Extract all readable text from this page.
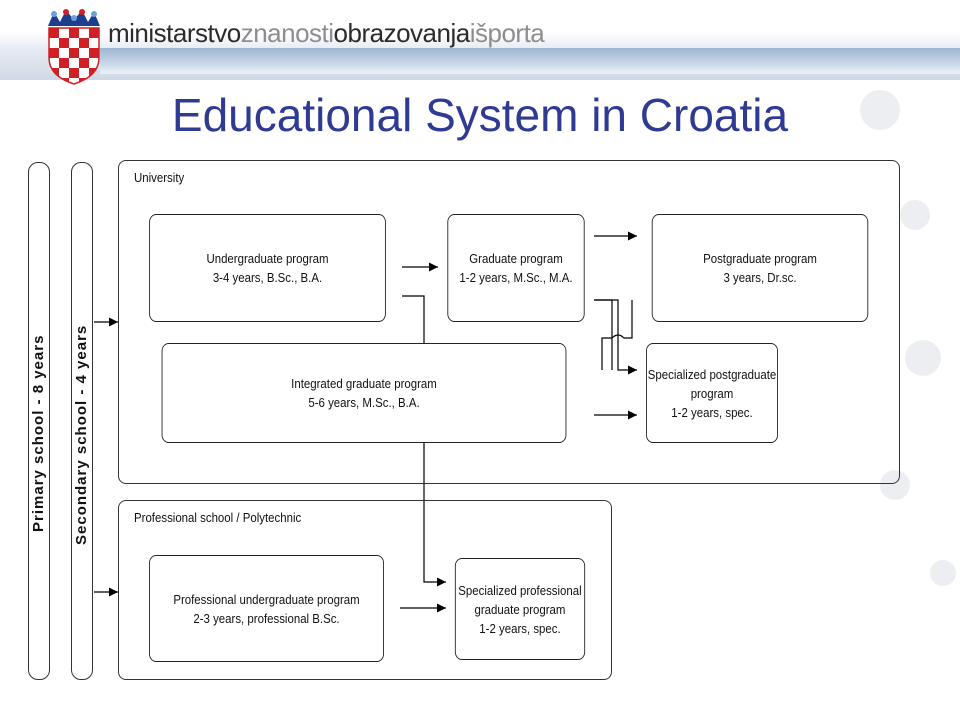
ministarstvoznanostiobrazovanjaišporta
Educational System in Croatia
Primary school - 8 years Secondary school - 4 years
University
Undergraduate program
3-4 years, B.Sc., B.A.
Graduate program
1-2 years, M.Sc., M.A.
Postgraduate program
3 years, Dr.sc.
Integrated graduate program
5-6 years, M.Sc., B.A.
Specialized postgraduate
program
1-2 years, spec.
Professional school / Polytechnic
Professional undergraduate program
2-3 years, professional B.Sc.
Specialized professional
graduate program
1-2 years, spec.
